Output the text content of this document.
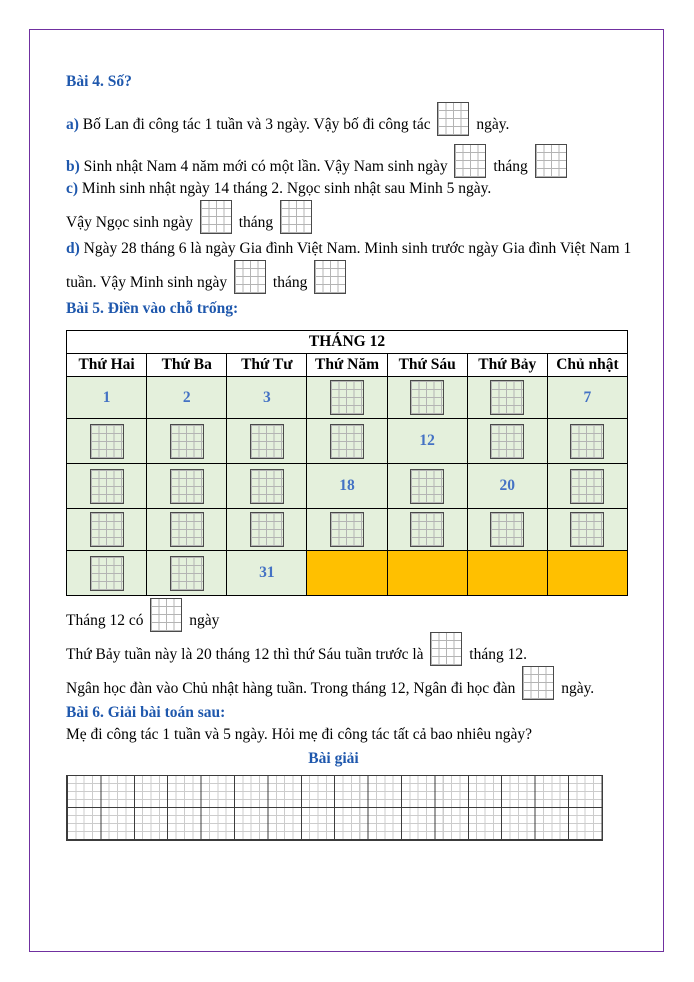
Bài 4. Số?

a) Bố Lan đi công tác 1 tuần và 3 ngày. Vậy bố đi công tác	ngày.

b) Sinh nhật Nam 4 năm mới có một lần. Vậy Nam sinh ngày	tháng

c) Minh sinh nhật ngày 14 tháng 2. Ngọc sinh nhật sau Minh 5 ngày.

Vậy Ngọc sinh ngày	tháng

d) Ngày 28 tháng 6 là ngày Gia đình Việt Nam. Minh sinh trước ngày Gia đình Việt Nam 1

tuần. Vậy Minh sinh ngày	tháng

Bài 5. Điền vào chỗ trống:
THÁNG 12						
Thứ Hai	Thứ Ba	Thứ Tư	Thứ Năm	Thứ Sáu	Thứ Bảy	Chủ nhật
1	2	3				7
				12		
			18		20	

		31				

Tháng 12 có	ngày

Thứ Bảy tuần này là 20 tháng 12 thì thứ Sáu tuần trước là	tháng 12.

Ngân học đàn vào Chủ nhật hàng tuần. Trong tháng 12, Ngân đi học đàn	ngày.

Bài 6. Giải bài toán sau:

Mẹ đi công tác 1 tuần và 5 ngày. Hỏi mẹ đi công tác tất cả bao nhiêu ngày?

Bài giải
